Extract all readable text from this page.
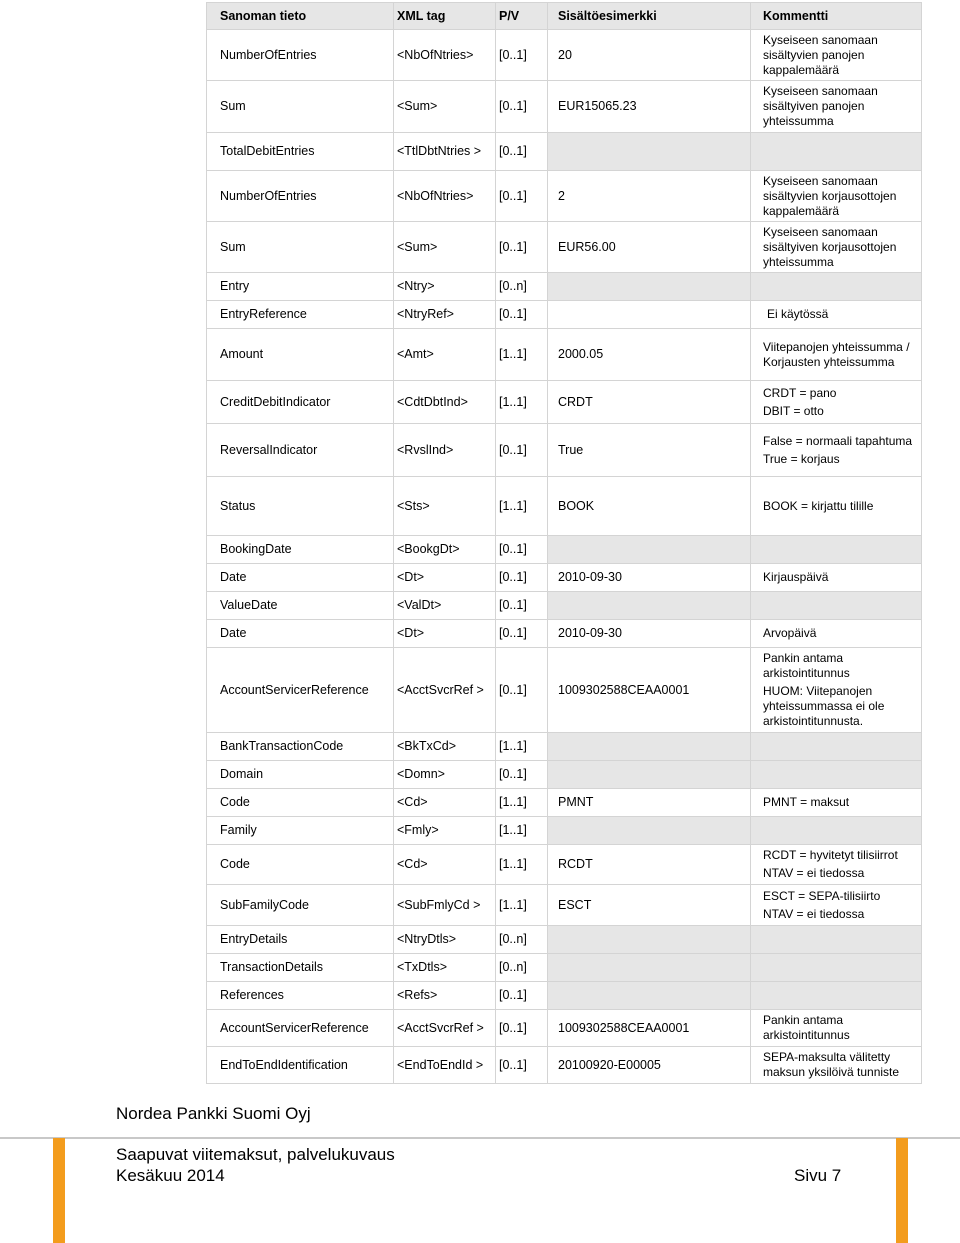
Sanoman tieto	XML tag	P/V	Sisältöesimerkki	Kommentti
NumberOfEntries	<NbOfNtries>	[0..1]	20	Kyseiseen sanomaan sisältyvien panojen kappalemäärä

Sum	<Sum>	[0..1]	EUR15065.23	Kyseiseen sanomaan sisältyiven panojen yhteissumma

TotalDebitEntries	<TtlDbtNtries >	[0..1]		
NumberOfEntries	<NbOfNtries>	[0..1]	2	Kyseiseen sanomaan sisältyvien korjausottojen kappalemäärä

Sum	<Sum>	[0..1]	EUR56.00	Kyseiseen sanomaan sisältyiven korjausottojen yhteissumma

Entry	<Ntry>	[0..n]		
EntryReference	<NtryRef>	[0..1]		Ei käytössä

Amount	<Amt>	[1..1]	2000.05	Viitepanojen yhteissumma / Korjausten yhteissumma

CreditDebitIndicator	<CdtDbtInd>	[1..1]	CRDT	CRDT = pano
DBIT = otto

ReversalIndicator	<RvslInd>	[0..1]	True	False = normaali tapahtuma
True = korjaus

Status	<Sts>	[1..1]	BOOK	BOOK = kirjattu tilille

BookingDate	<BookgDt>	[0..1]		
Date	<Dt>	[0..1]	2010-09-30	Kirjauspäivä

ValueDate	<ValDt>	[0..1]		
Date	<Dt>	[0..1]	2010-09-30	Arvopäivä

AccountServicerReference	<AcctSvcrRef >	[0..1]	1009302588CEAA0001	Pankin antama arkistointitunnus
HUOM: Viitepanojen yhteissummassa ei ole arkistointitunnusta.

BankTransactionCode	<BkTxCd>	[1..1]		
Domain	<Domn>	[0..1]		
Code	<Cd>	[1..1]	PMNT	PMNT = maksut

Family	<Fmly>	[1..1]		
Code	<Cd>	[1..1]	RCDT	RCDT = hyvitetyt tilisiirrot
NTAV = ei tiedossa

SubFamilyCode	<SubFmlyCd >	[1..1]	ESCT	ESCT = SEPA-tilisiirto
NTAV = ei tiedossa

EntryDetails	<NtryDtls>	[0..n]		
TransactionDetails	<TxDtls>	[0..n]		
References	<Refs>	[0..1]		
AccountServicerReference	<AcctSvcrRef >	[0..1]	1009302588CEAA0001	Pankin antama arkistointitunnus

EndToEndIdentification	<EndToEndId >	[0..1]	20100920-E00005	SEPA-maksulta välitetty maksun yksilöivä tunniste
Nordea Pankki Suomi Oyj
Saapuvat viitemaksut, palvelukuvaus
Kesäkuu 2014	Sivu 7
